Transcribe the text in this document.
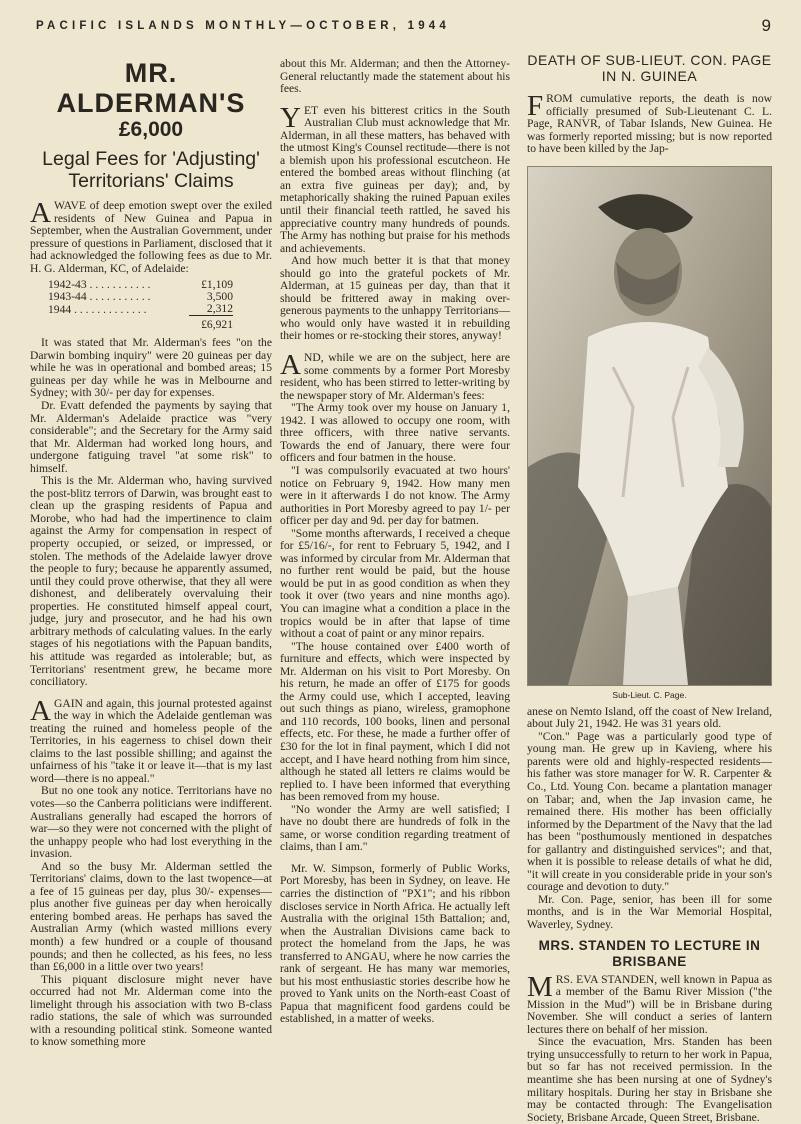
PACIFIC ISLANDS MONTHLY—OCTOBER, 1944	9
MR. ALDERMAN'S
£6,000
Legal Fees for 'Adjusting' Territorians' Claims

AWAVE of deep emotion swept over the exiled residents of New Guinea and Papua in September, when the Australian Government, under pressure of questions in Parliament, disclosed that it had acknowledged the following fees as due to Mr. H. G. Alderman, KC, of Adelaide:

1942-43 . . . . . . . . . . .	£1,109
1943-44 . . . . . . . . . . .	3,500
1944 . . . . . . . . . . . . .	2,312
	£6,921

It was stated that Mr. Alderman's fees "on the Darwin bombing inquiry" were 20 guineas per day while he was in operational and bombed areas; 15 guineas per day while he was in Melbourne and Sydney; with 30/- per day for expenses.

Dr. Evatt defended the payments by saying that Mr. Alderman's Adelaide practice was "very considerable"; and the Secretary for the Army said that Mr. Alderman had worked long hours, and undergone fatiguing travel "at some risk" to himself.

This is the Mr. Alderman who, having survived the post-blitz terrors of Darwin, was brought east to clean up the grasping residents of Papua and Morobe, who had had the impertinence to claim against the Army for compensation in respect of property occupied, or seized, or impressed, or stolen. The methods of the Adelaide lawyer drove the people to fury; because he apparently assumed, until they could prove otherwise, that they all were dishonest, and deliberately overvaluing their properties. He constituted himself appeal court, judge, jury and prosecutor, and he had his own arbitrary methods of calculating values. In the early stages of his negotiations with the Papuan bandits, his attitude was regarded as intolerable; but, as Territorians' resentment grew, he became more conciliatory.

AGAIN and again, this journal protested against the way in which the Adelaide gentleman was treating the ruined and homeless people of the Territories, in his eagerness to chisel down their claims to the last possible shilling; and against the unfairness of his "take it or leave it—that is my last word—there is no appeal."

But no one took any notice. Territorians have no votes—so the Canberra politicians were indifferent. Australians generally had escaped the horrors of war—so they were not concerned with the plight of the unhappy people who had lost everything in the invasion.

And so the busy Mr. Alderman settled the Territorians' claims, down to the last twopence—at a fee of 15 guineas per day, plus 30/- expenses—plus another five guineas per day when heroically entering bombed areas. He perhaps has saved the Australian Army (which wasted millions every month) a few hundred or a couple of thousand pounds; and then he collected, as his fees, no less than £6,000 in a little over two years!

This piquant disclosure might never have occurred had not Mr. Alderman come into the limelight through his association with two B-class radio stations, the sale of which was surrounded with a resounding political stink. Someone wanted to know something more

about this Mr. Alderman; and then the Attorney-General reluctantly made the statement about his fees.

YET even his bitterest critics in the South Australian Club must acknowledge that Mr. Alderman, in all these matters, has behaved with the utmost King's Counsel rectitude—there is not a blemish upon his professional escutcheon. He entered the bombed areas without flinching (at an extra five guineas per day); and, by metaphorically shaking the ruined Papuan exiles until their financial teeth rattled, he saved his appreciative country many hundreds of pounds. The Army has nothing but praise for his methods and achievements.

And how much better it is that that money should go into the grateful pockets of Mr. Alderman, at 15 guineas per day, than that it should be frittered away in making over-generous payments to the unhappy Territorians—who would only have wasted it in rebuilding their homes or re-stocking their stores, anyway!

AND, while we are on the subject, here are some comments by a former Port Moresby resident, who has been stirred to letter-writing by the newspaper story of Mr. Alderman's fees:

"The Army took over my house on January 1, 1942. I was allowed to occupy one room, with three officers, with three native servants. Towards the end of January, there were four officers and four batmen in the house.

"I was compulsorily evacuated at two hours' notice on February 9, 1942. How many men were in it afterwards I do not know. The Army authorities in Port Moresby agreed to pay 1/- per officer per day and 9d. per day for batmen.

"Some months afterwards, I received a cheque for £5/16/-, for rent to February 5, 1942, and I was informed by circular from Mr. Alderman that no further rent would be paid, but the house would be put in as good condition as when they took it over (two years and nine months ago). You can imagine what a condition a place in the tropics would be in after that lapse of time without a coat of paint or any minor repairs.

"The house contained over £400 worth of furniture and effects, which were inspected by Mr. Alderman on his visit to Port Moresby. On his return, he made an offer of £175 for goods the Army could use, which I accepted, leaving out such things as piano, wireless, gramophone and 110 records, 100 books, linen and personal effects, etc. For these, he made a further offer of £30 for the lot in final payment, which I did not accept, and I have heard nothing from him since, although he stated all letters re claims would be replied to. I have been informed that everything has been removed from my house.

"No wonder the Army are well satisfied; I have no doubt there are hundreds of folk in the same, or worse condition regarding treatment of claims, than I am."

Mr. W. Simpson, formerly of Public Works, Port Moresby, has been in Sydney, on leave. He carries the distinction of "PX1"; and his ribbon discloses service in North Africa. He actually left Australia with the original 15th Battalion; and, when the Australian Divisions came back to protect the homeland from the Japs, he was transferred to ANGAU, where he now carries the rank of sergeant. He has many war memories, but his most enthusiastic stories describe how he proved to Yank units on the North-east Coast of Papua that magnificent food gardens could be established, in a matter of weeks.

DEATH OF SUB-LIEUT. CON. PAGE IN N. GUINEA

FROM cumulative reports, the death is now officially presumed of Sub-Lieutenant C. L. Page, RANVR, of Tabar Islands, New Guinea. He was formerly reported missing; but is now reported to have been killed by the Jap-

Sub-Lieut. C. Page.

anese on Nemto Island, off the coast of New Ireland, about July 21, 1942. He was 31 years old.

"Con." Page was a particularly good type of young man. He grew up in Kavieng, where his parents were old and highly-respected residents—his father was store manager for W. R. Carpenter & Co., Ltd. Young Con. became a plantation manager on Tabar; and, when the Jap invasion came, he remained there. His mother has been officially informed by the Department of the Navy that the lad has been "posthumously mentioned in despatches for gallantry and distinguished services"; and that, when it is possible to release details of what he did, "it will create in you considerable pride in your son's courage and devotion to duty."

Mr. Con. Page, senior, has been ill for some months, and is in the War Memorial Hospital, Waverley, Sydney.

MRS. STANDEN TO LECTURE IN BRISBANE

MRS. EVA STANDEN, well known in Papua as a member of the Bamu River Mission ("the Mission in the Mud") will be in Brisbane during November. She will conduct a series of lantern lectures there on behalf of her mission.

Since the evacuation, Mrs. Standen has been trying unsuccessfully to return to her work in Papua, but so far has not received permission. In the meantime she has been nursing at one of Sydney's military hospitals. During her stay in Brisbane she may be contacted through: The Evangelisation Society, Brisbane Arcade, Queen Street, Brisbane.
